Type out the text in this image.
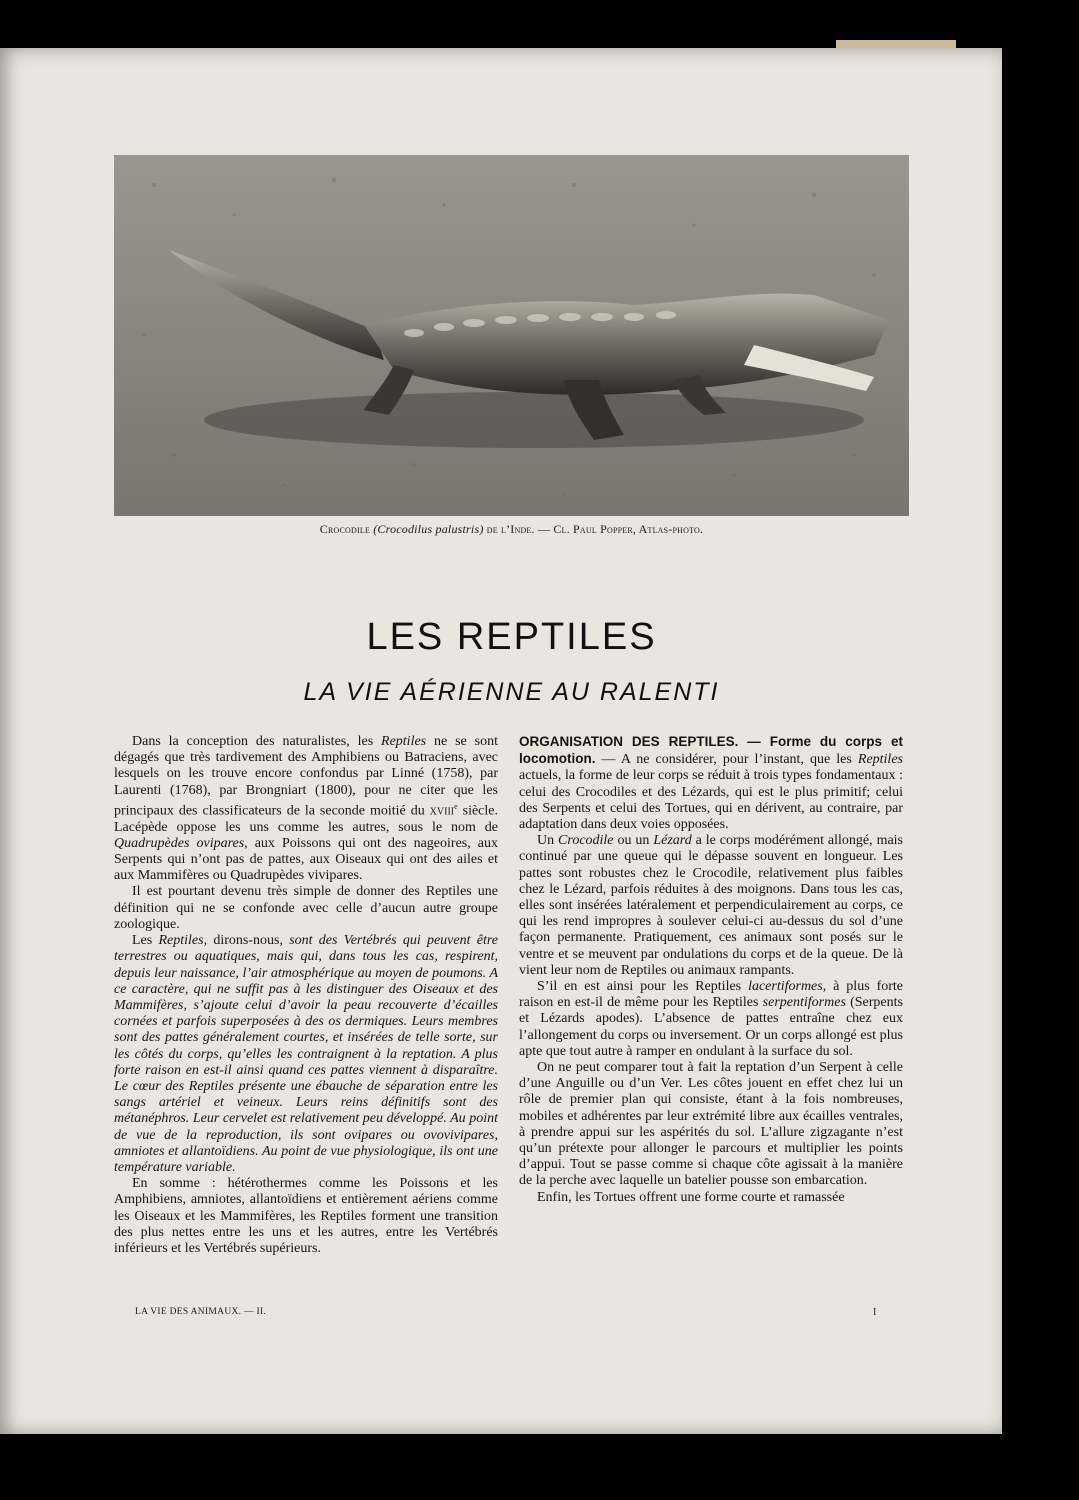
Crocodile (Crocodilus palustris) de l’Inde. — Cl. Paul Popper, Atlas-photo.
LES REPTILES
LA VIE AÉRIENNE AU RALENTI

Dans la conception des naturalistes, les Reptiles ne se sont dégagés que très tardivement des Amphibiens ou Batraciens, avec lesquels on les trouve encore confondus par Linné (1758), par Laurenti (1768), par Brongniart (1800), pour ne citer que les principaux des classificateurs de la seconde moitié du xviii$^e$ siècle. Lacépède oppose les uns comme les autres, sous le nom de Quadrupèdes ovipares, aux Poissons qui ont des nageoires, aux Serpents qui n’ont pas de pattes, aux Oiseaux qui ont des ailes et aux Mammifères ou Quadrupèdes vivipares.

Il est pourtant devenu très simple de donner des Reptiles une définition qui ne se confonde avec celle d’aucun autre groupe zoologique.

Les Reptiles, dirons-nous, sont des Vertébrés qui peuvent être terrestres ou aquatiques, mais qui, dans tous les cas, respirent, depuis leur naissance, l’air atmosphérique au moyen de poumons. A ce caractère, qui ne suffit pas à les distinguer des Oiseaux et des Mammifères, s’ajoute celui d’avoir la peau recouverte d’écailles cornées et parfois superposées à des os dermiques. Leurs membres sont des pattes généralement courtes, et insérées de telle sorte, sur les côtés du corps, qu’elles les contraignent à la reptation. A plus forte raison en est-il ainsi quand ces pattes viennent à disparaître. Le cœur des Reptiles présente une ébauche de séparation entre les sangs artériel et veineux. Leurs reins définitifs sont des métanéphros. Leur cervelet est relativement peu développé. Au point de vue de la reproduction, ils sont ovipares ou ovovivipares, amniotes et allantoïdiens. Au point de vue physiologique, ils ont une température variable.

En somme : hétérothermes comme les Poissons et les Amphibiens, amniotes, allantoïdiens et entièrement aériens comme les Oiseaux et les Mammifères, les Reptiles forment une transition des plus nettes entre les uns et les autres, entre les Vertébrés inférieurs et les Vertébrés supérieurs.

ORGANISATION DES REPTILES. — Forme du corps et locomotion. — A ne considérer, pour l’instant, que les Reptiles actuels, la forme de leur corps se réduit à trois types fondamentaux : celui des Crocodiles et des Lézards, qui est le plus primitif; celui des Serpents et celui des Tortues, qui en dérivent, au contraire, par adaptation dans deux voies opposées.

Un Crocodile ou un Lézard a le corps modérément allongé, mais continué par une queue qui le dépasse souvent en longueur. Les pattes sont robustes chez le Crocodile, relativement plus faibles chez le Lézard, parfois réduites à des moignons. Dans tous les cas, elles sont insérées latéralement et perpendiculairement au corps, ce qui les rend impropres à soulever celui-ci au-dessus du sol d’une façon permanente. Pratiquement, ces animaux sont posés sur le ventre et se meuvent par ondulations du corps et de la queue. De là vient leur nom de Reptiles ou animaux rampants.

S’il en est ainsi pour les Reptiles lacertiformes, à plus forte raison en est-il de même pour les Reptiles serpentiformes (Serpents et Lézards apodes). L’absence de pattes entraîne chez eux l’allongement du corps ou inversement. Or un corps allongé est plus apte que tout autre à ramper en ondulant à la surface du sol.

On ne peut comparer tout à fait la reptation d’un Serpent à celle d’une Anguille ou d’un Ver. Les côtes jouent en effet chez lui un rôle de premier plan qui consiste, étant à la fois nombreuses, mobiles et adhérentes par leur extrémité libre aux écailles ventrales, à prendre appui sur les aspérités du sol. L’allure zigzagante n’est qu’un prétexte pour allonger le parcours et multiplier les points d’appui. Tout se passe comme si chaque côte agissait à la manière de la perche avec laquelle un batelier pousse son embarcation.

Enfin, les Tortues offrent une forme courte et ramassée

LA VIE DES ANIMAUX. — II.	I
